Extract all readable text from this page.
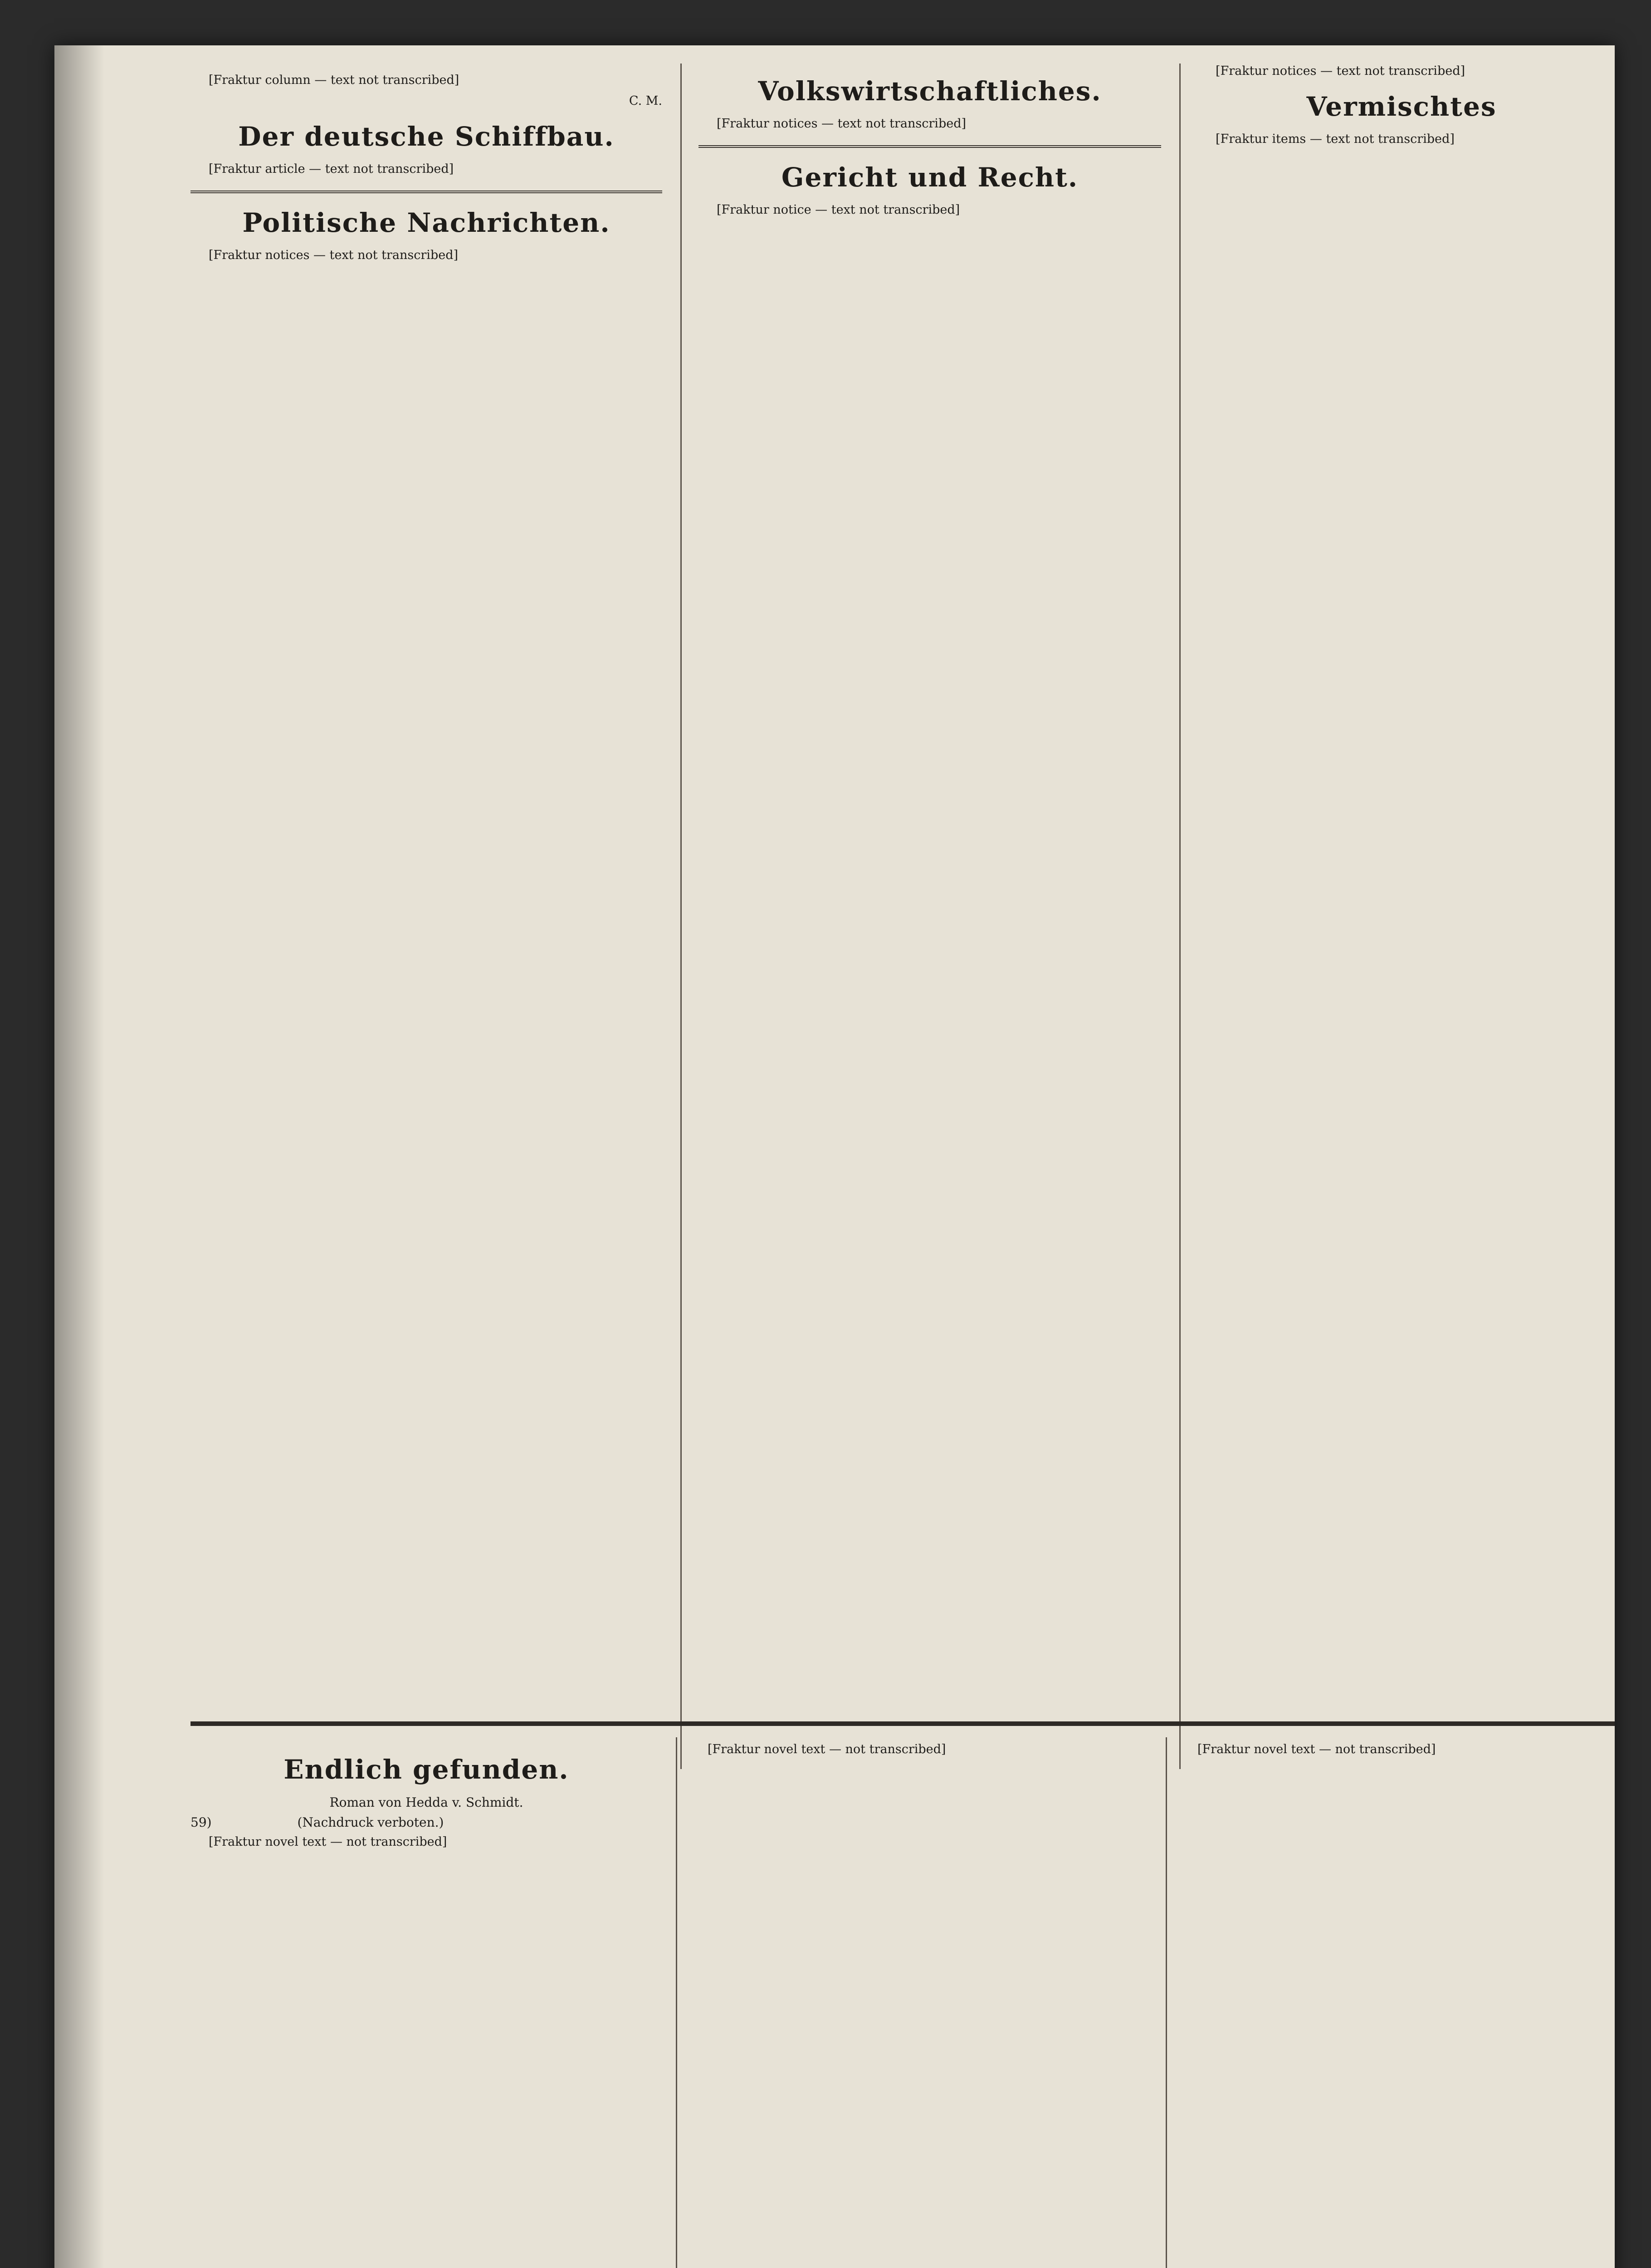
[Fraktur column — text not transcribed]

C. M.
Der deutsche Schiffbau.

[Fraktur article — text not transcribed]

Politische Nachrichten.

[Fraktur notices — text not transcribed]

Volkswirtschaftliches.

[Fraktur notices — text not transcribed]

Gericht und Recht.

[Fraktur notice — text not transcribed]

[Fraktur notices — text not transcribed]

Vermischtes

[Fraktur items — text not transcribed]

Endlich gefunden.
Roman von Hedda v. Schmidt.
59)	(Nachdruck verboten.)

[Fraktur novel text — not transcribed]

[Fraktur novel text — not transcribed]	[Fraktur novel text — not transcribed]
